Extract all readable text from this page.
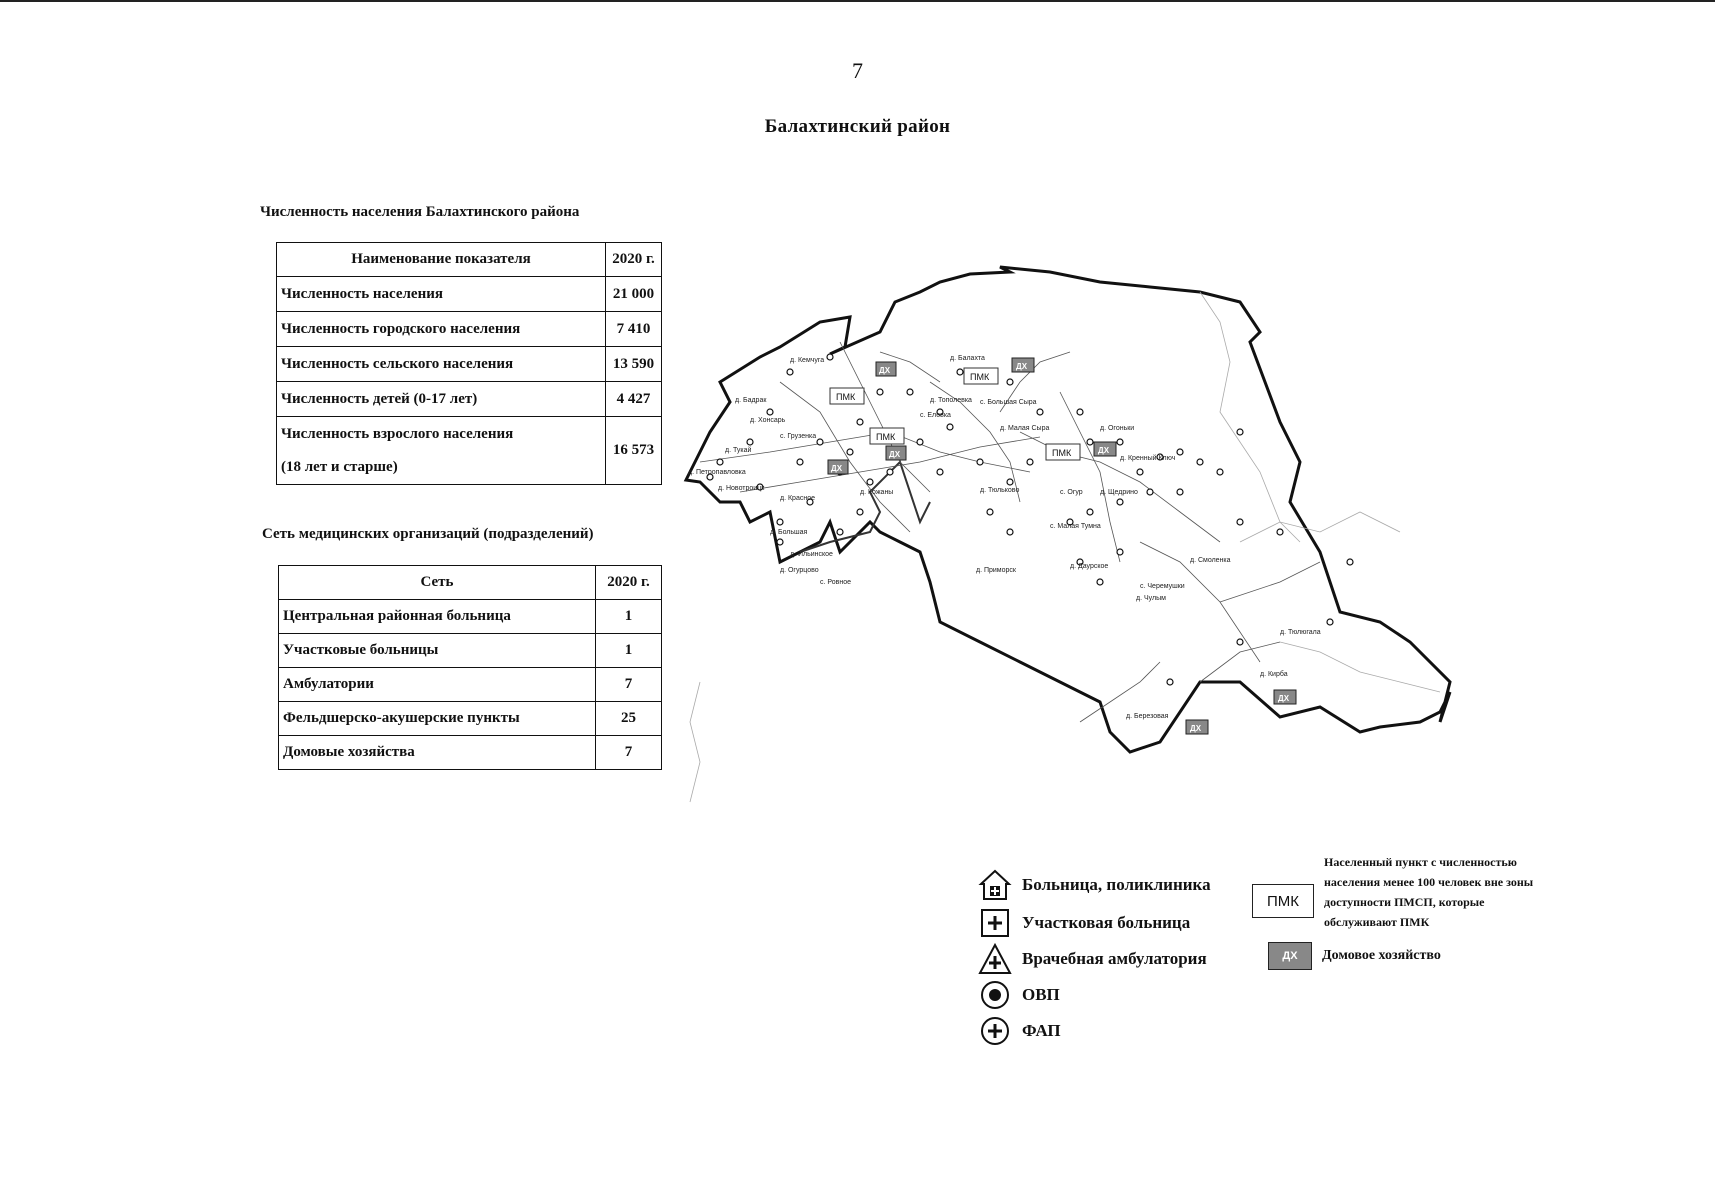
7
Балахтинский район
Численность населения Балахтинского района
Наименование показателя	2020 г.
Численность населения	21 000
Численность городского населения	7 410
Численность сельского населения	13 590
Численность детей (0-17 лет)	4 427

Численность взрослого населения
(18 лет и старше)	16 573
Сеть медицинских организаций (подразделений)
Сеть	2020 г.
Центральная районная больница	1
Участковые больницы	1
Амбулатории	7
Фельдшерско-акушерские пункты	25
Домовые хозяйства	7
ПМК
ПМК
ПМК
ПМК
ДХ	ДХ
ДХ
ДХ
ДХ
ДХ
ДХ
д. Кемчуга
д. Бадрак
д. Хонсарь
с. Грузенка
д. Тукай
д. Петропавловка
д. Новотроицк
д. Большая
д. Красное
д. Кожаны
д. Ильинское
д. Огурцово
с. Ровное
д. Приморск
д. Балахта
с. Еловка
д. Тополевка с. Большая Сыра
д. Малая Сыра	д. Огоньки
д. Кренный Ключ
д. Тюльково	с. Огур д. Щедрино
с. Малая Тумна
д. Даурское
д. Смоленка
д. Чулым
д. Тюлюгала
д. Кирба
д. Березовая
с. Черемушки
Больница, поликлиника
Участковая больница
Врачебная амбулатория
ОВП
ФАП
ПМК
Населенный пункт с численностью
населения менее 100 человек вне зоны
доступности ПМСП, которые
обслуживают ПМК
ДХ Домовое хозяйство
